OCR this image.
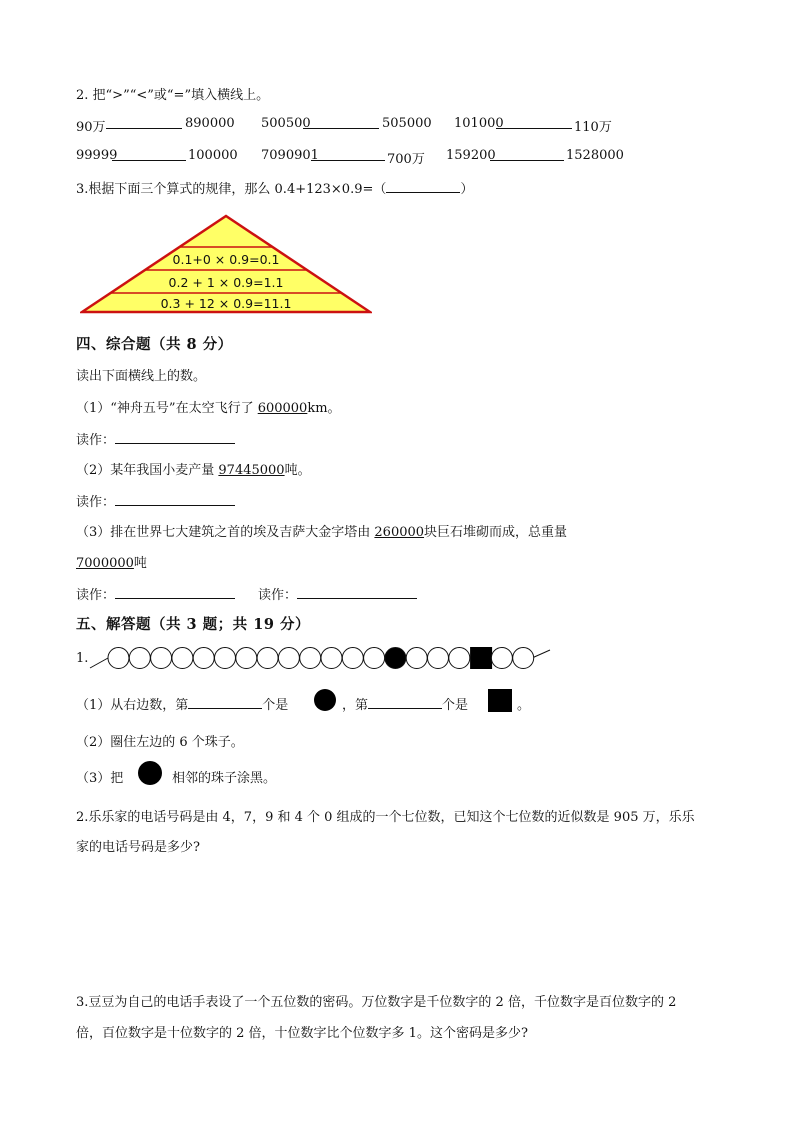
2. 把“>”“<”或“=”填入横线上。
90万	890000 500500	505000 101000	110万
99999	100000 7090901	700万 159200	1528000
3.根据下面三个算式的规律，那么 0.4+123×0.9=（	）
0.1+0 × 0.9=0.1
0.2 + 1 × 0.9=1.1
0.3 + 12 × 0.9=11.1
四、综合题（共 8 分）
读出下面横线上的数。
（1）“神舟五号”在太空飞行了 600000km。
读作：
（2）某年我国小麦产量 97445000吨。
读作：
（3）排在世界七大建筑之首的埃及吉萨大金字塔由 260000块巨石堆砌而成，总重量
7000000吨
读作：	读作：
五、解答题（共 3 题；共 19 分）
1.
（1）从右边数，第	个是	，第	个是	。
（2）圈住左边的 6 个珠子。
（3）把	相邻的珠子涂黑。
2.乐乐家的电话号码是由 4，7，9 和 4 个 0 组成的一个七位数，已知这个七位数的近似数是 905 万，乐乐
家的电话号码是多少?
3.豆豆为自己的电话手表设了一个五位数的密码。万位数字是千位数字的 2 倍，千位数字是百位数字的 2
倍，百位数字是十位数字的 2 倍，十位数字比个位数字多 1。这个密码是多少?
